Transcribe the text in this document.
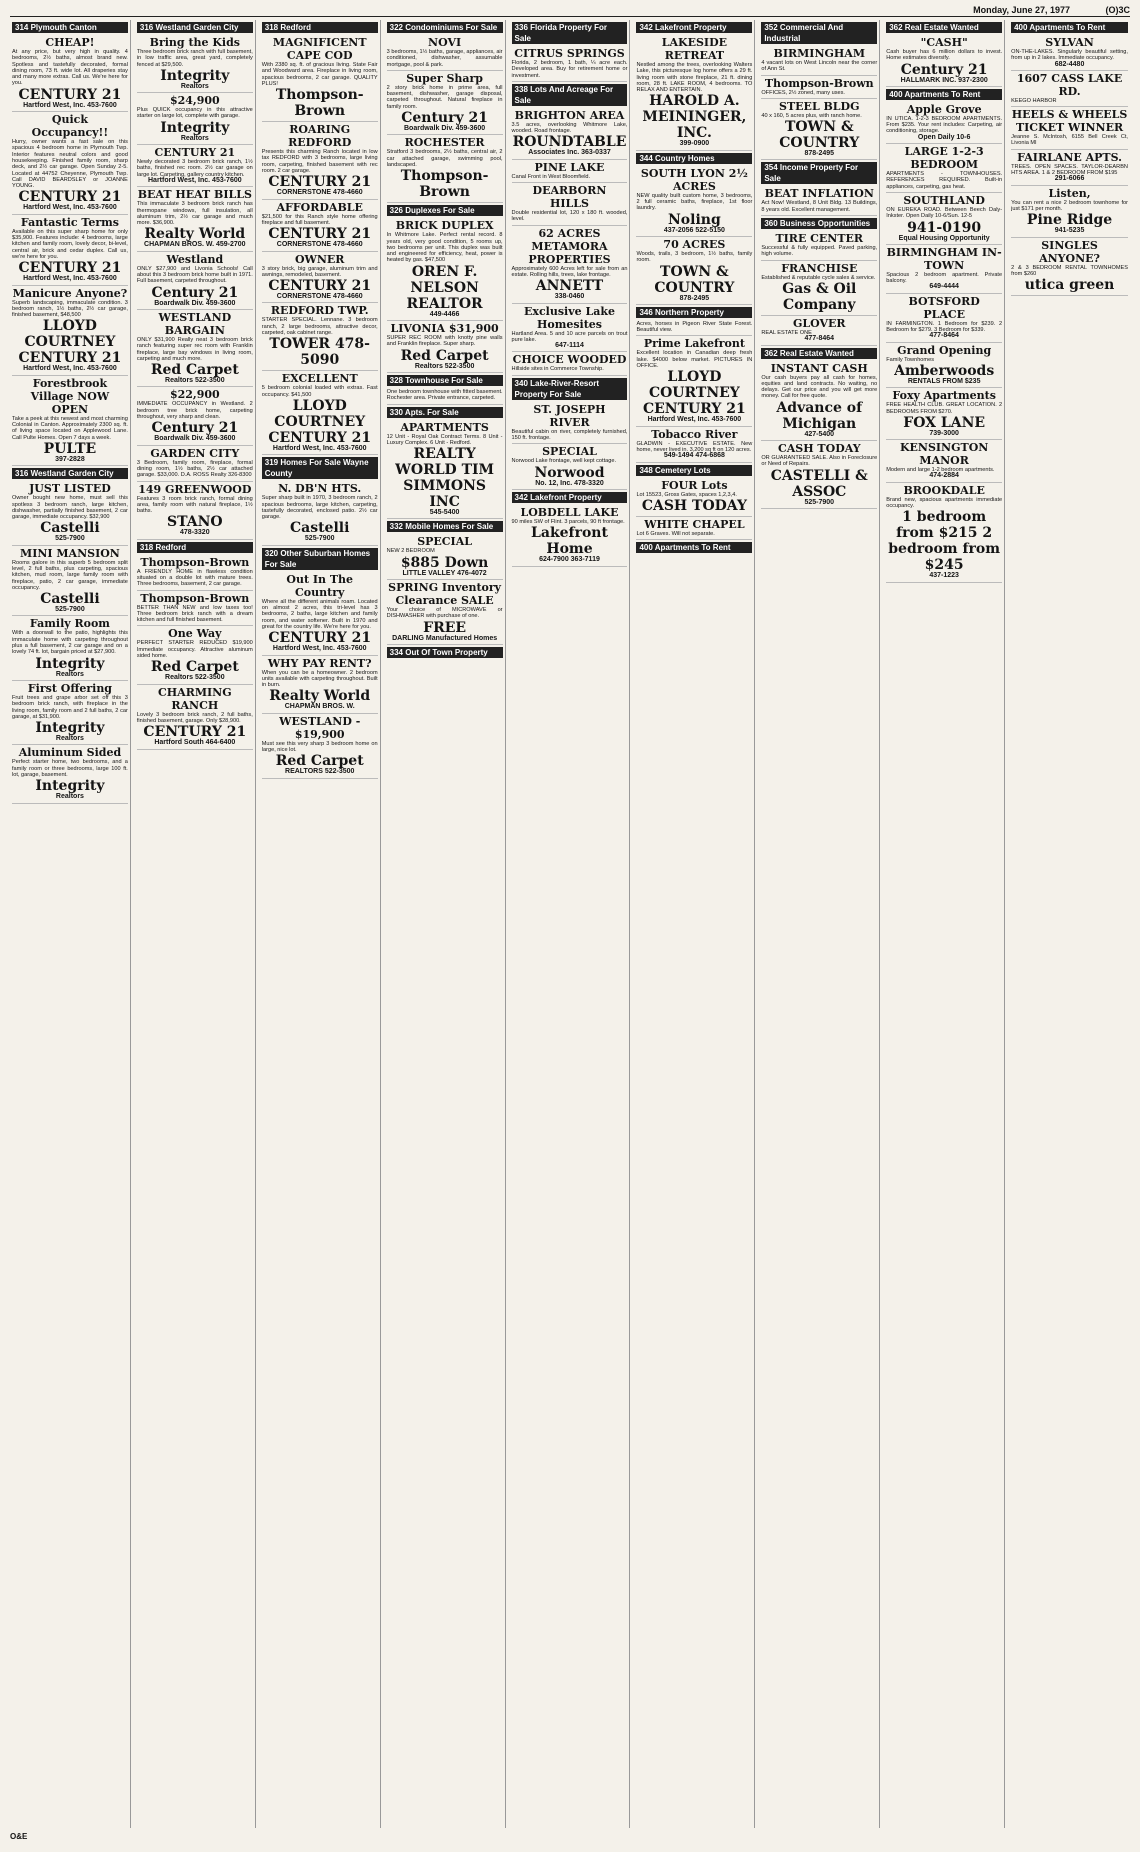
Monday, June 27, 1977	(O)3C
314 Plymouth Canton
CHEAP!
At any price, but very high in quality. 4 bedrooms, 2½ baths, almost brand new. Spotless and tastefully decorated, formal dining room, 73 ft. wide lot. All draperies stay and many more extras. Call us. We're here for you.
CENTURY 21
Hartford West, Inc. 453-7600
Quick Occupancy!!
Hurry, owner wants a fast sale on this spacious 4 bedroom home in Plymouth Twp. Interior features neutral colors and good housekeeping. Finished family room, sharp deck, and 2½ car garage. Open Sunday 2-5. Located at 44752 Cheyenne, Plymouth Twp. Call DAVID BEARDSLEY or JOANNE YOUNG.
CENTURY 21
Hartford West, Inc. 453-7600
Fantastic Terms
Available on this super sharp home for only $35,900. Features include: 4 bedrooms, large kitchen and family room, lovely decor, bi-level, central air, brick and cedar duplex. Call us, we're here for you.
CENTURY 21
Hartford West, Inc. 453-7600
Manicure Anyone?
Superb landscaping, immaculate condition. 3 bedroom ranch, 1½ baths, 2½ car garage, finished basement, $48,500
LLOYD COURTNEY CENTURY 21
Hartford West, Inc. 453-7600
Forestbrook Village NOW OPEN
Take a peek at this newest and most charming Colonial in Canton. Approximately 2300 sq. ft. of living space located on Applewood Lane. Call Pulte Homes. Open 7 days a week.
PULTE
397-2828
316 Westland Garden City
JUST LISTED
Owner bought new home, must sell this spotless 3 bedroom ranch, large kitchen, dishwasher, partially finished basement, 2 car garage, immediate occupancy. $32,900
Castelli
525-7900
MINI MANSION
Rooms galore in this superb 5 bedroom split level, 2 full baths, plus carpeting, spacious kitchen, mud room, large family room with fireplace, patio, 2 car garage, immediate occupancy.
Castelli
525-7900
Family Room
With a doorwall to the patio, highlights this immaculate home with carpeting throughout plus a full basement, 2 car garage and on a lovely 74 ft. lot, bargain priced at $27,900.
Integrity
Realtors
First Offering
Fruit trees and grape arbor set off this 3 bedroom brick ranch, with fireplace in the living room, family room and 2 full baths, 2 car garage, at $31,900.
Integrity
Realtors
Aluminum Sided
Perfect starter home, two bedrooms, and a family room or three bedrooms, large 100 ft. lot, garage, basement.
Integrity
Realtors
316 Westland Garden City
Bring the Kids
Three bedroom brick ranch with full basement, in low traffic area, great yard, completely fenced at $29,500.
Integrity
Realtors
$24,900
Plus QUICK occupancy in this attractive starter on large lot, complete with garage.
Integrity
Realtors
CENTURY 21
Newly decorated 3 bedroom brick ranch, 1½ baths, finished rec room. 2½ car garage on large lot. Carpeting, gallery country kitchen.
Hartford West, Inc. 453-7600
BEAT HEAT BILLS
This immaculate 3 bedroom brick ranch has thermopane windows, full insulation, all aluminum trim, 2½ car garage and much more. $36,900.
Realty World
CHAPMAN BROS. W. 459-2700
Westland
ONLY $27,900 and Livonia Schools! Call about this 3 bedroom brick home built in 1971. Full basement, carpeted throughout.
Century 21
Boardwalk Div. 459-3600
WESTLAND BARGAIN
ONLY $31,900 Really neat 3 bedroom brick ranch featuring super rec room with Franklin fireplace, large bay windows in living room, carpeting and much more.
Red Carpet
Realtors 522-3500
$22,900
IMMEDIATE OCCUPANCY in Westland. 2 bedroom tree brick home, carpeting throughout, very sharp and clean.
Century 21
Boardwalk Div. 459-3600
GARDEN CITY
3 Bedroom, family room, fireplace, formal dining room, 1½ baths, 2½ car attached garage. $33,000. D.A. ROSS Realty 326-8300
149 GREENWOOD
Features 3 room brick ranch, formal dining area, family room with natural fireplace, 1½ baths.
STANO
478-3320
318 Redford
Thompson-Brown
A FRIENDLY HOME in flawless condition situated on a double lot with mature trees. Three bedrooms, basement, 2 car garage.
Thompson-Brown
BETTER THAN NEW and low taxes too! Three bedroom brick ranch with a dream kitchen and full finished basement.
One Way
PERFECT STARTER REDUCED $19,900 Immediate occupancy. Attractive aluminum sided home.
Red Carpet
Realtors 522-3500
CHARMING RANCH
Lovely 3 bedroom brick ranch, 2 full baths, finished basement, garage. Only $28,900.
CENTURY 21
Hartford South 464-6400
318 Redford
MAGNIFICENT CAPE COD
With 2380 sq. ft. of gracious living. State Fair and Woodward area. Fireplace in living room, spacious bedrooms, 2 car garage. QUALITY PLUS!
Thompson-Brown
ROARING REDFORD
Presents this charming Ranch located in low tax REDFORD with 3 bedrooms, large living room, carpeting, finished basement with rec room. 2 car garage.
CENTURY 21
CORNERSTONE 478-4660
AFFORDABLE
$21,500 for this Ranch style home offering fireplace and full basement.
CENTURY 21
CORNERSTONE 478-4660
OWNER
3 story brick, big garage, aluminum trim and awnings, remodeled, basement.
CENTURY 21
CORNERSTONE 478-4660
REDFORD TWP.
STARTER SPECIAL. Lennane. 3 bedroom ranch, 2 large bedrooms, attractive decor, carpeted, oak cabinet range.
TOWER 478-5090
EXCELLENT
5 bedroom colonial loaded with extras. Fast occupancy. $41,500
LLOYD COURTNEY CENTURY 21
Hartford West, Inc. 453-7600
319 Homes For Sale Wayne County
N. DB'N HTS.
Super sharp built in 1970, 3 bedroom ranch, 2 spacious bedrooms, large kitchen, carpeting, tastefully decorated, enclosed patio. 2½ car garage.
Castelli
525-7900
320 Other Suburban Homes For Sale
Out In The Country
Where all the different animals roam. Located on almost 2 acres, this tri-level has 3 bedrooms, 2 baths, large kitchen and family room, and water softener. Built in 1970 and great for the country life. We're here for you.
CENTURY 21
Hartford West, Inc. 453-7600
WHY PAY RENT?
When you can be a homeowner. 2 bedroom units available with carpeting throughout. Built in burn.
Realty World
CHAPMAN BROS. W.
WESTLAND - $19,900
Must see this very sharp 3 bedroom home on large, nice lot.
Red Carpet
REALTORS 522-3500
322 Condominiums For Sale
NOVI
3 bedrooms, 1½ baths, garage, appliances, air conditioned, dishwasher, assumable mortgage, pool & park.
Super Sharp
2 story brick home in prime area, full basement, dishwasher, garage disposal, carpeted throughout. Natural fireplace in family room.
Century 21
Boardwalk Div. 459-3600
ROCHESTER
Stratford 3 bedrooms, 2½ baths, central air, 2 car attached garage, swimming pool, landscaped.
Thompson-Brown
326 Duplexes For Sale
BRICK DUPLEX
In Whitmore Lake. Perfect rental record. 8 years old, very good condition, 5 rooms up, two bedrooms per unit. This duplex was built and engineered for efficiency, heat, power is heated by gas. $47,500
OREN F. NELSON REALTOR
449-4466
LIVONIA $31,900
SUPER REC ROOM with knotty pine walls and Franklin fireplace. Super sharp.
Red Carpet
Realtors 522-3500
328 Townhouse For Sale
One bedroom townhouse with fitted basement. Rochester area. Private entrance, carpeted.
330 Apts. For Sale
APARTMENTS
12 Unit - Royal Oak Contract Terms. 8 Unit - Luxury Complex. 6 Unit - Redford.
REALTY WORLD TIM SIMMONS INC
545-5400
332 Mobile Homes For Sale
SPECIAL
NEW 2 BEDROOM
$885 Down
LITTLE VALLEY 476-4072
SPRING Inventory Clearance SALE
Your choice of MICROWAVE or DISHWASHER with purchase of one.
FREE
DARLING Manufactured Homes
334 Out Of Town Property
336 Florida Property For Sale
CITRUS SPRINGS
Florida, 2 bedroom, 1 bath, ¼ acre each. Developed area. Buy for retirement home or investment.
338 Lots And Acreage For Sale
BRIGHTON AREA
3.5 acres, overlooking Whitmore Lake, wooded. Road frontage.
ROUNDTABLE
Associates Inc. 363-0337
PINE LAKE
Canal Front in West Bloomfield.
DEARBORN HILLS
Double residential lot, 120 x 180 ft. wooded, level.
62 ACRES METAMORA PROPERTIES
Approximately 600 Acres left for sale from an estate. Rolling hills, trees, lake frontage.
ANNETT
338-0460
Exclusive Lake Homesites
Hartland Area. 5 and 10 acre parcels on trout pure lake.
647-1114
CHOICE WOODED
Hillside sites in Commerce Township.
340 Lake-River-Resort Property For Sale
ST. JOSEPH RIVER
Beautiful cabin on river, completely furnished, 150 ft. frontage.
SPECIAL
Norwood Lake frontage, well kept cottage.
Norwood
No. 12, Inc. 478-3320
342 Lakefront Property
LOBDELL LAKE
90 miles SW of Flint. 3 parcels, 90 ft frontage.
Lakefront Home
624-7900 363-7119
342 Lakefront Property
LAKESIDE RETREAT
Nestled among the trees, overlooking Walters Lake, this picturesque log home offers a 29 ft. living room with stone fireplace, 21 ft. dining room, 28 ft. LAKE ROOM, 4 bedrooms. TO RELAX AND ENTERTAIN.
HAROLD A. MEININGER, INC.
399-0900
344 Country Homes
SOUTH LYON 2½ ACRES
NEW quality built custom home, 3 bedrooms, 2 full ceramic baths, fireplace, 1st floor laundry.
Noling
437-2056 522-5150
70 ACRES
Woods, trails, 3 bedroom, 1½ baths, family room.
TOWN & COUNTRY
878-2495
346 Northern Property
Acres, horses in Pigeon River State Forest. Beautiful view.
Prime Lakefront
Excellent location in Canadian deep fresh lake. $4000 below market. PICTURES IN OFFICE.
LLOYD COURTNEY CENTURY 21
Hartford West, Inc. 453-7600
Tobacco River
GLADWIN - EXECUTIVE ESTATE. New home, never lived in. 3,200 sq ft on 120 acres.
549-1494 474-6868
348 Cemetery Lots
FOUR Lots
Lot 15523, Gross Gates, spaces 1,2,3,4.
CASH TODAY
WHITE CHAPEL
Lot 6 Graves. Will not separate.
400 Apartments To Rent
352 Commercial And Industrial
BIRMINGHAM
4 vacant lots on West Lincoln near the corner of Ann St.
Thompson-Brown
OFFICES, 2½ zoned, many uses.
STEEL BLDG
40 x 160, 5 acres plus, with ranch home.
TOWN & COUNTRY
878-2495
354 Income Property For Sale
BEAT INFLATION
Act Now! Westland, 8 Unit Bldg. 13 Buildings, 8 years old. Excellent management.
360 Business Opportunities
TIRE CENTER
Successful & fully equipped. Paved parking, high volume.
FRANCHISE
Established & reputable cycle sales & service.
Gas & Oil Company
GLOVER
REAL ESTATE ONE
477-8464
362 Real Estate Wanted
INSTANT CASH
Our cash buyers pay all cash for homes, equities and land contracts. No waiting, no delays. Get our price and you will get more money. Call for free quote.
Advance of Michigan
427-5400
CASH TODAY
OR GUARANTEED SALE. Also in Foreclosure or Need of Repairs.
CASTELLI & ASSOC
525-7900
362 Real Estate Wanted
"CASH"
Cash buyer has 6 million dollars to invest. Home estimates diversify.
Century 21
HALLMARK INC. 937-2300
400 Apartments To Rent
Apple Grove
IN UTICA. 1-2-3 BEDROOM APARTMENTS. From $235. Your rent includes: Carpeting, air conditioning, storage.
Open Daily 10-6
LARGE 1-2-3 BEDROOM
APARTMENTS - TOWNHOUSES. REFERENCES REQUIRED. Built-in appliances, carpeting, gas heat.
SOUTHLAND
ON EUREKA ROAD. Between Beech Daly-Inkster. Open Daily 10-6/Sun. 12-5
941-0190
Equal Housing Opportunity
BIRMINGHAM IN-TOWN
Spacious 2 bedroom apartment. Private balcony.
649-4444
BOTSFORD PLACE
IN FARMINGTON. 1 Bedroom for $239. 2 Bedroom for $279. 3 Bedroom for $339.
477-8464
Grand Opening
Family Townhomes
Amberwoods
RENTALS FROM $235
Foxy Apartments
FREE HEALTH CLUB. GREAT LOCATION. 2 BEDROOMS FROM $270.
FOX LANE
739-3000
KENSINGTON MANOR
Modern and large 1-2 bedroom apartments.
474-2884
BROOKDALE
Brand new, spacious apartments immediate occupancy.
1 bedroom from $215 2 bedroom from $245
437-1223
400 Apartments To Rent
SYLVAN
ON-THE-LAKES. Singularly beautiful setting, from up in 2 lakes. Immediate occupancy.
682-4480
1607 CASS LAKE RD.
KEEGO HARBOR
HEELS & WHEELS TICKET WINNER
Jeanne S. McIntosh, 6155 Bell Creek Ct, Livonia MI
FAIRLANE APTS.
TREES. OPEN SPACES. TAYLOR-DEARBN HTS AREA. 1 & 2 BEDROOM FROM $195
291-6066
Listen,
You can rent a nice 2 bedroom townhome for just $171 per month.
Pine Ridge
941-5235
SINGLES ANYONE?
2 & 3 BEDROOM RENTAL TOWNHOMES from $260
utica green
O&E
